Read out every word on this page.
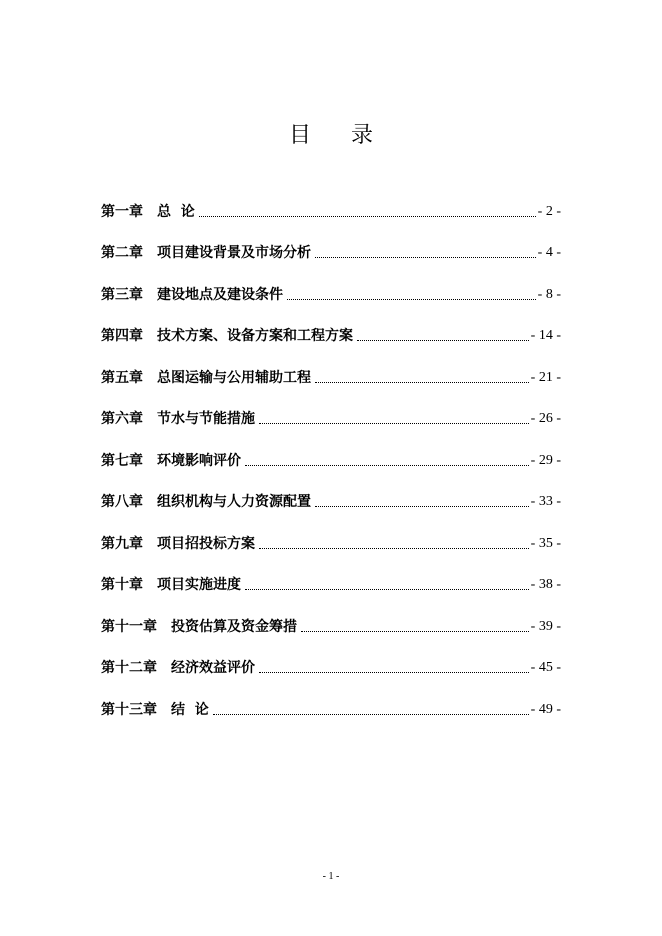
目 录
第一章 总  论	- 2 -
第二章 项目建设背景及市场分析	- 4 -
第三章 建设地点及建设条件	- 8 -
第四章 技术方案、设备方案和工程方案	- 14 -
第五章 总图运输与公用辅助工程	- 21 -
第六章 节水与节能措施	- 26 -
第七章 环境影响评价	- 29 -
第八章 组织机构与人力资源配置	- 33 -
第九章 项目招投标方案	- 35 -
第十章 项目实施进度	- 38 -
第十一章 投资估算及资金筹措	- 39 -
第十二章 经济效益评价	- 45 -
第十三章 结  论	- 49 -
- 1 -
